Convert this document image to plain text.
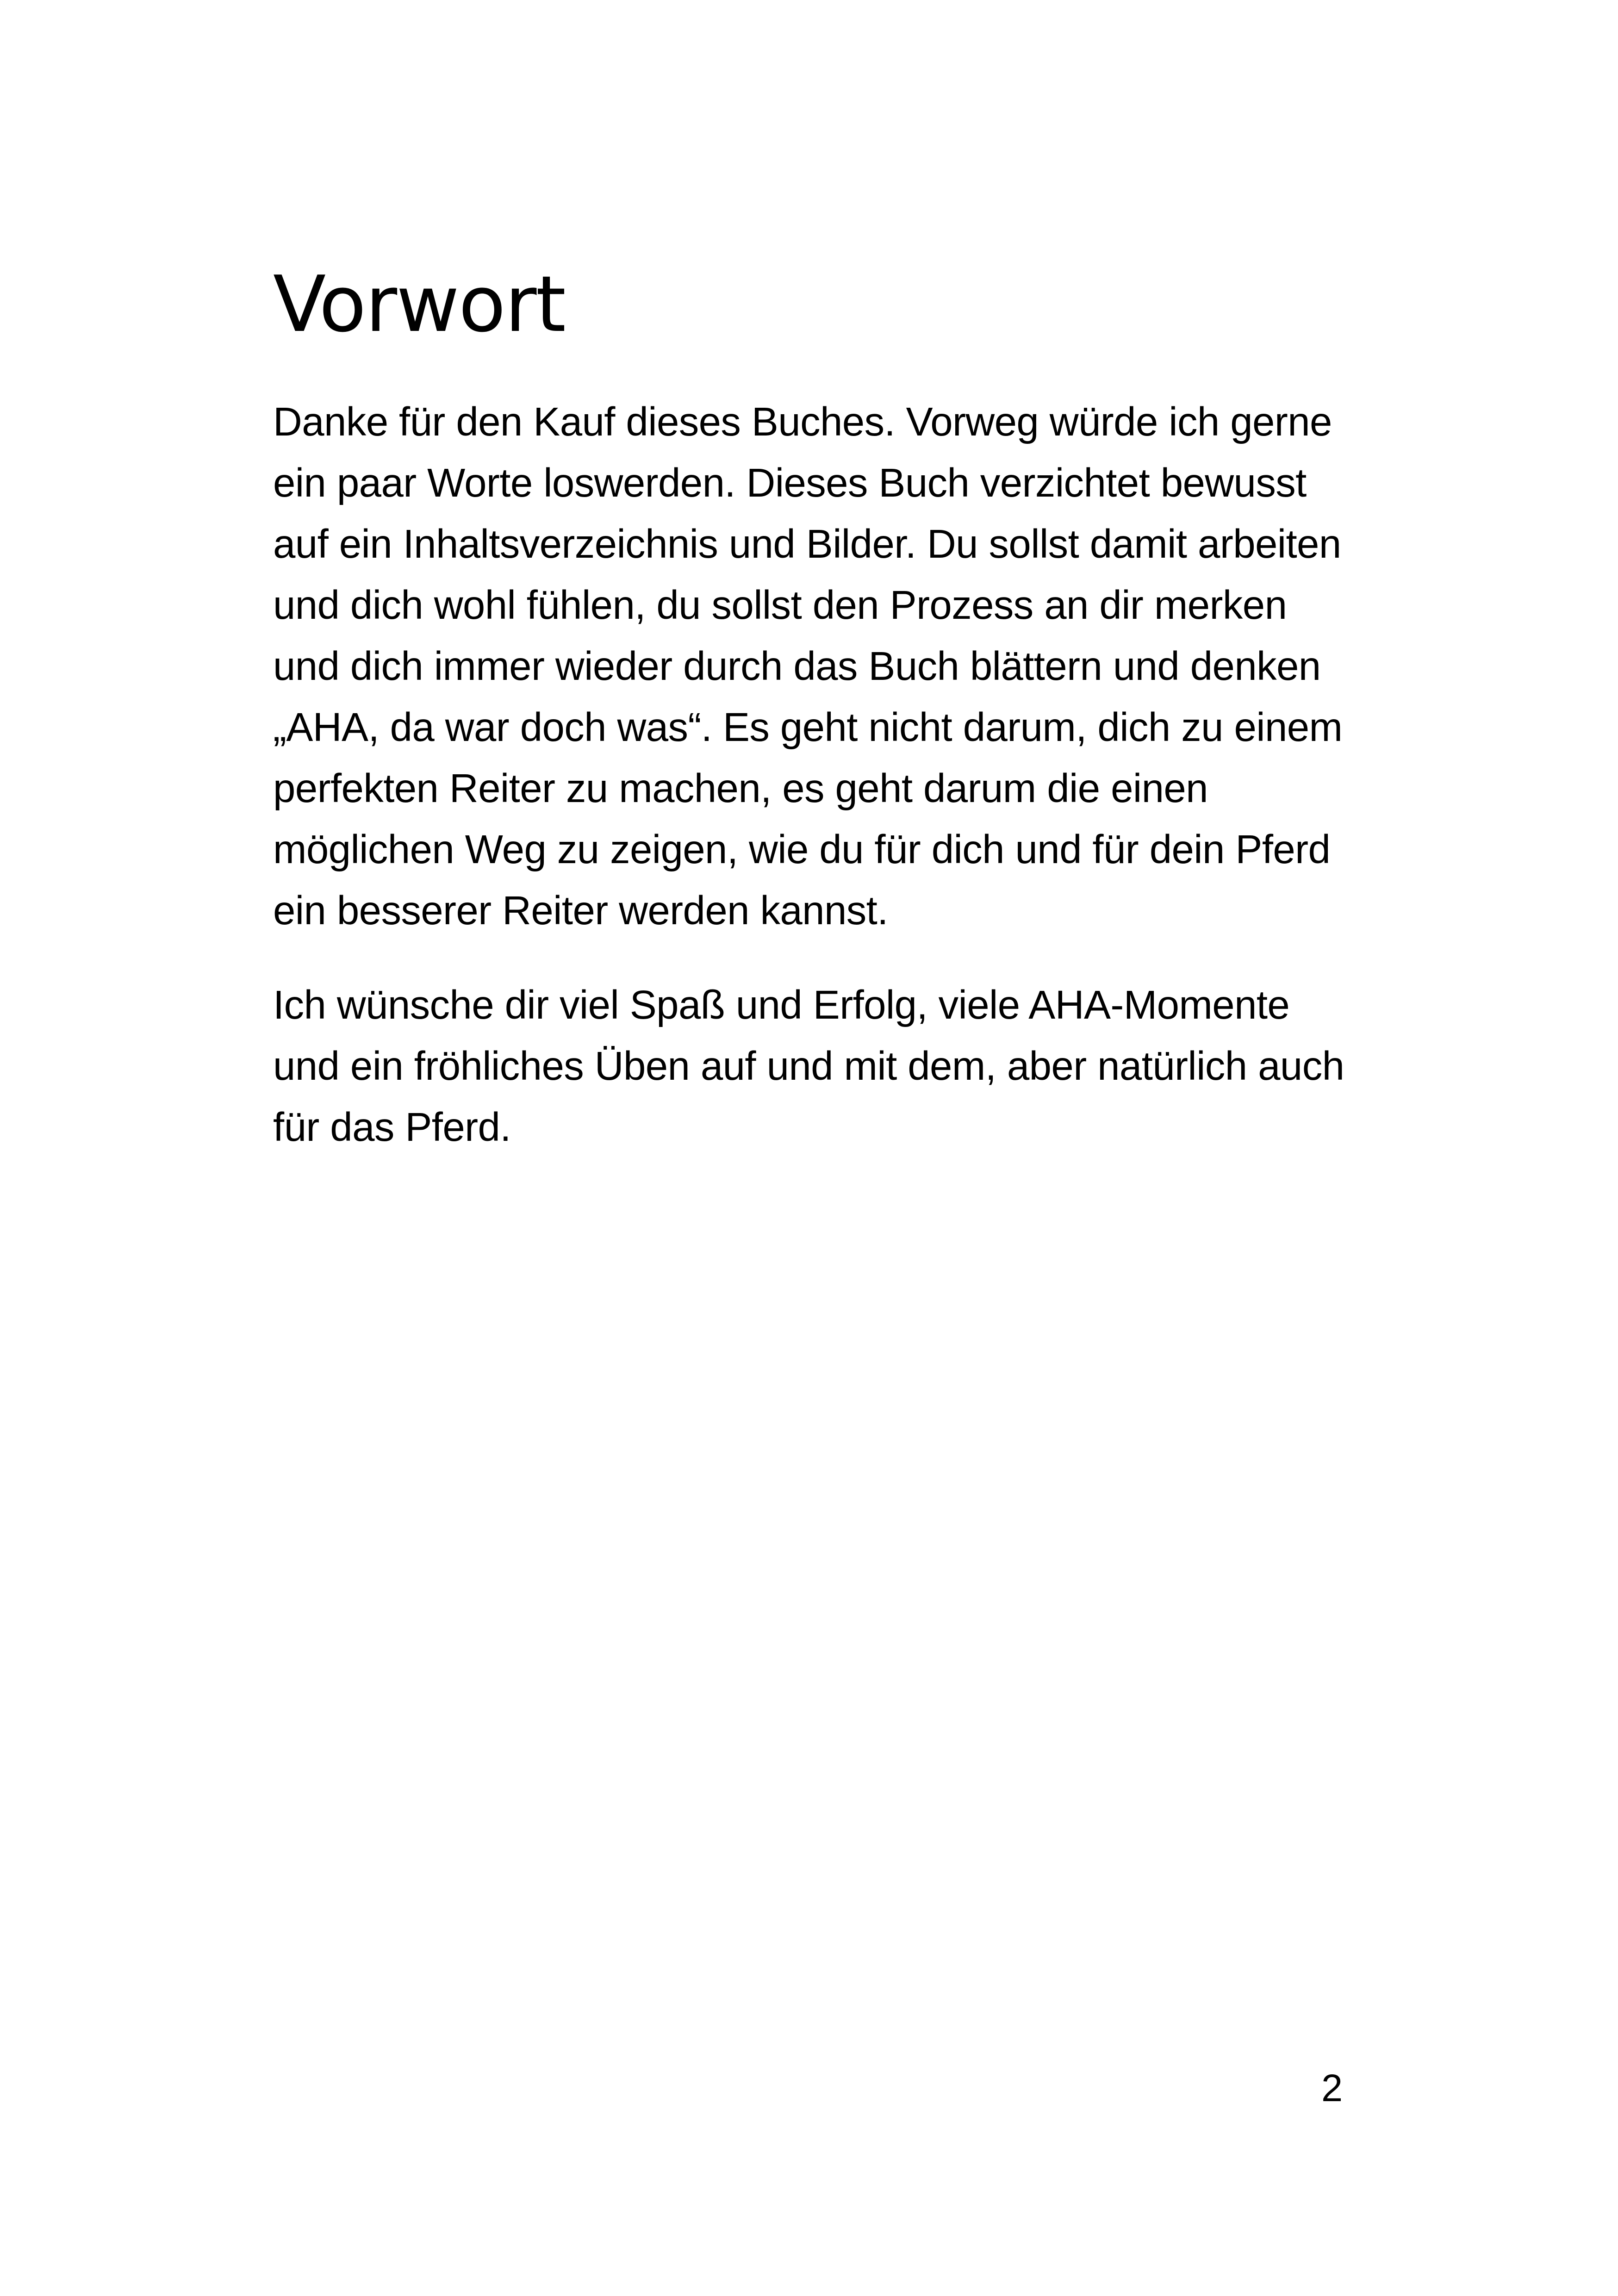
Vorwort

Danke für den Kauf dieses Buches. Vorweg würde ich gerne ein paar Worte loswerden. Dieses Buch verzichtet bewusst auf ein Inhaltsverzeichnis und Bilder. Du sollst damit arbeiten und dich wohl fühlen, du sollst den Prozess an dir merken und dich immer wieder durch das Buch blättern und denken „AHA, da war doch was“. Es geht nicht darum, dich zu einem perfekten Reiter zu machen, es geht darum die einen möglichen Weg zu zeigen, wie du für dich und für dein Pferd ein besserer Reiter werden kannst.

Ich wünsche dir viel Spaß und Erfolg, viele AHA-Momente und ein fröhliches Üben auf und mit dem, aber natürlich auch für das Pferd.

2
